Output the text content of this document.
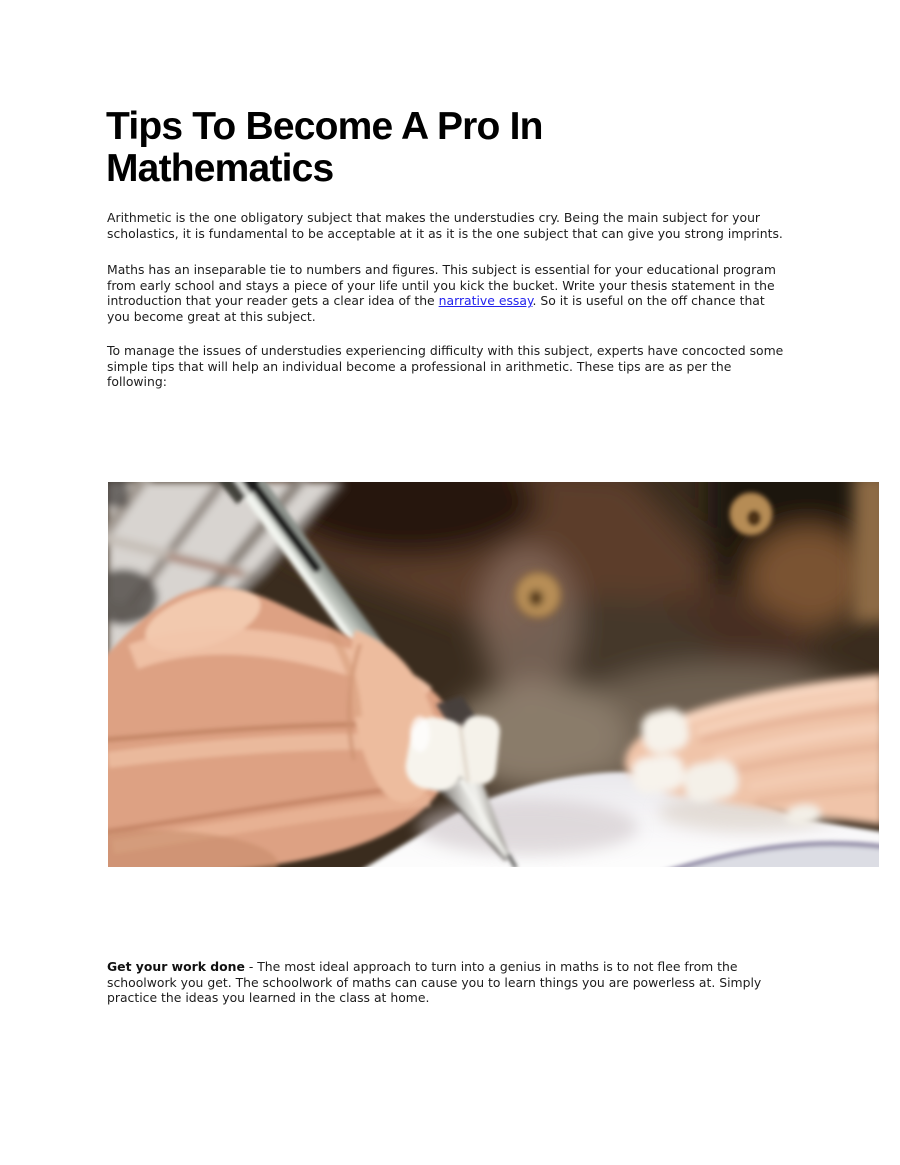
Tips To Become A Pro In
Mathematics
Arithmetic is the one obligatory subject that makes the understudies cry. Being the main subject for your
scholastics, it is fundamental to be acceptable at it as it is the one subject that can give you strong imprints.
Maths has an inseparable tie to numbers and figures. This subject is essential for your educational program
from early school and stays a piece of your life until you kick the bucket. Write your thesis statement in the
introduction that your reader gets a clear idea of the narrative essay. So it is useful on the off chance that
you become great at this subject.
To manage the issues of understudies experiencing difficulty with this subject, experts have concocted some
simple tips that will help an individual become a professional in arithmetic. These tips are as per the
following:
Get your work done - The most ideal approach to turn into a genius in maths is to not flee from the
schoolwork you get. The schoolwork of maths can cause you to learn things you are powerless at. Simply
practice the ideas you learned in the class at home.
